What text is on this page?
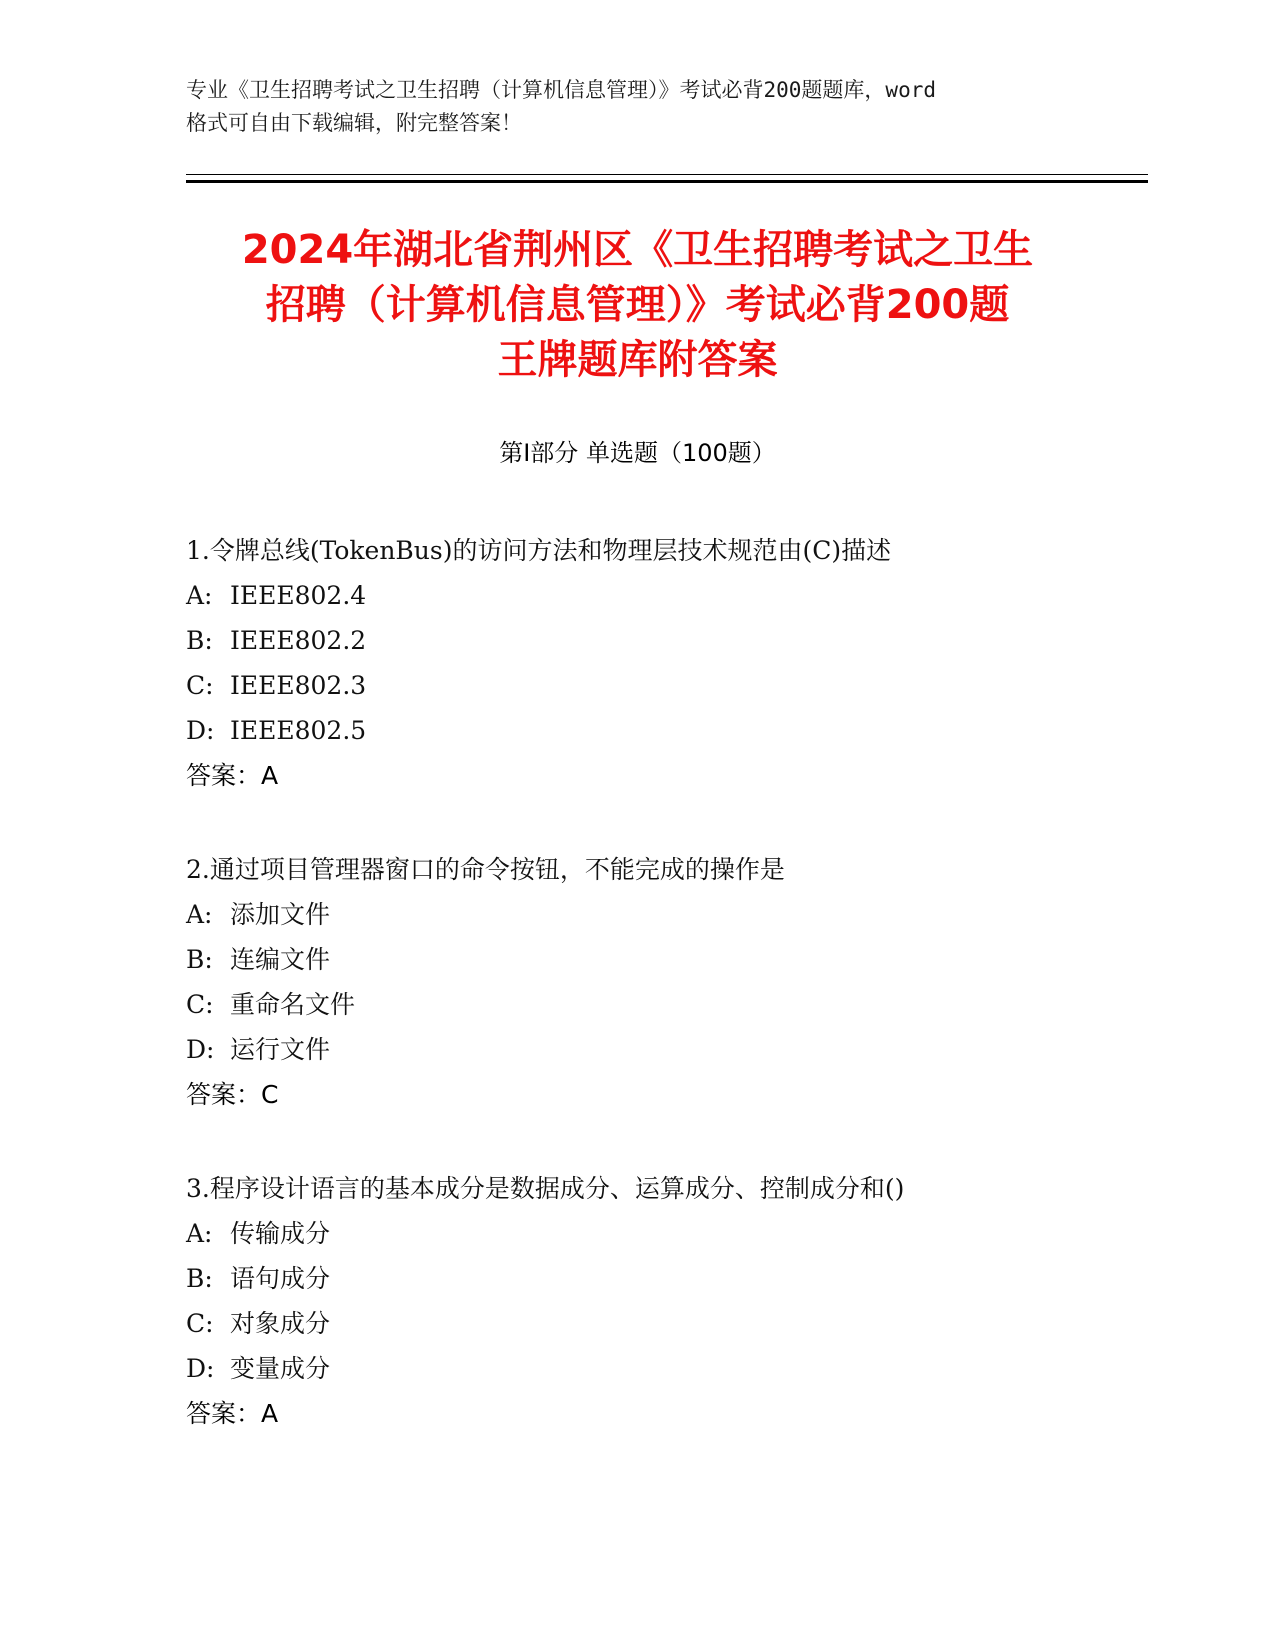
专业《卫生招聘考试之卫生招聘（计算机信息管理）》考试必背200题题库，word
格式可自由下载编辑，附完整答案！
2024年湖北省荆州区《卫生招聘考试之卫生
招聘（计算机信息管理）》考试必背200题
王牌题库附答案
第Ⅰ部分 单选题（100题）
1.令牌总线(TokenBus)的访问方法和物理层技术规范由(C)描述
A: IEEE802.4
B: IEEE802.2
C: IEEE802.3
D: IEEE802.5
答案：A
2.通过项目管理器窗口的命令按钮，不能完成的操作是
A: 添加文件
B: 连编文件
C: 重命名文件
D: 运行文件
答案：C
3.程序设计语言的基本成分是数据成分、运算成分、控制成分和()
A: 传输成分
B: 语句成分
C: 对象成分
D: 变量成分
答案：A
